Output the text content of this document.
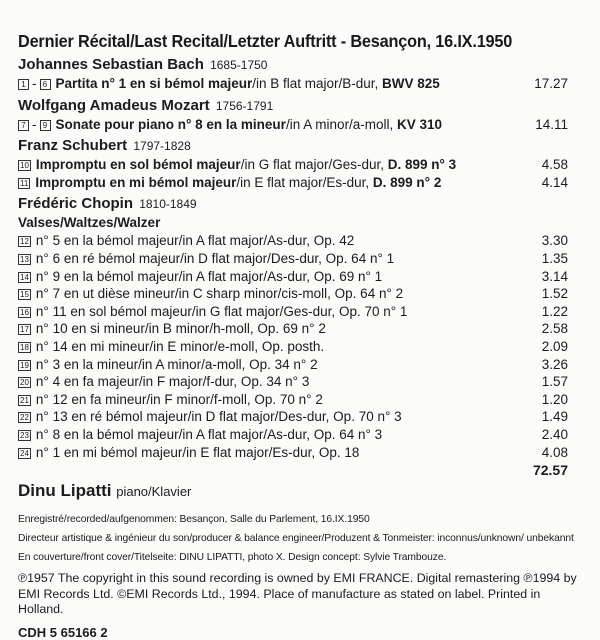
Dernier Récital/Last Recital/Letzter Auftritt - Besançon, 16.IX.1950
Johannes Sebastian Bach 1685-1750
1 - 6 Partita n° 1 en si bémol majeur/in B flat major/B-dur, BWV 825	17.27
Wolfgang Amadeus Mozart 1756-1791
7 - 9 Sonate pour piano n° 8 en la mineur/in A minor/a-moll, KV 310	14.11
Franz Schubert 1797-1828
10 Impromptu en sol bémol majeur/in G flat major/Ges-dur, D. 899 n° 3	4.58
11 Impromptu en mi bémol majeur/in E flat major/Es-dur, D. 899 n° 2	4.14
Frédéric Chopin 1810-1849
Valses/Waltzes/Walzer
12 n° 5 en la bémol majeur/in A flat major/As-dur, Op. 42	3.30
13 n° 6 en ré bémol majeur/in D flat major/Des-dur, Op. 64 n° 1	1.35
14 n° 9 en la bémol majeur/in A flat major/As-dur, Op. 69 n° 1	3.14
15 n° 7 en ut dièse mineur/in C sharp minor/cis-moll, Op. 64 n° 2	1.52
16 n° 11 en sol bémol majeur/in G flat major/Ges-dur, Op. 70 n° 1	1.22
17 n° 10 en si mineur/in B minor/h-moll, Op. 69 n° 2	2.58
18 n° 14 en mi mineur/in E minor/e-moll, Op. posth.	2.09
19 n° 3 en la mineur/in A minor/a-moll, Op. 34 n° 2	3.26
20 n° 4 en fa majeur/in F major/f-dur, Op. 34 n° 3	1.57
21 n° 12 en fa mineur/in F minor/f-moll, Op. 70 n° 2	1.20
22 n° 13 en ré bémol majeur/in D flat major/Des-dur, Op. 70 n° 3	1.49
23 n° 8 en la bémol majeur/in A flat major/As-dur, Op. 64 n° 3	2.40
24 n° 1 en mi bémol majeur/in E flat major/Es-dur, Op. 18	4.08
72.57
Dinu Lipatti piano/Klavier

Enregistré/recorded/aufgenommen: Besançon, Salle du Parlement, 16.IX.1950

Directeur artistique & ingénieur du son/producer & balance engineer/Produzent & Tonmeister: inconnus/unknown/ unbekannt

En couverture/front cover/Titelseite: DINU LIPATTI, photo X. Design concept: Sylvie Trambouze.

℗1957 The copyright in this sound recording is owned by EMI FRANCE. Digital remastering ℗1994 by EMI Records Ltd. ©EMI Records Ltd., 1994. Place of manufacture as stated on label. Printed in Holland.
CDH 5 65166 2
